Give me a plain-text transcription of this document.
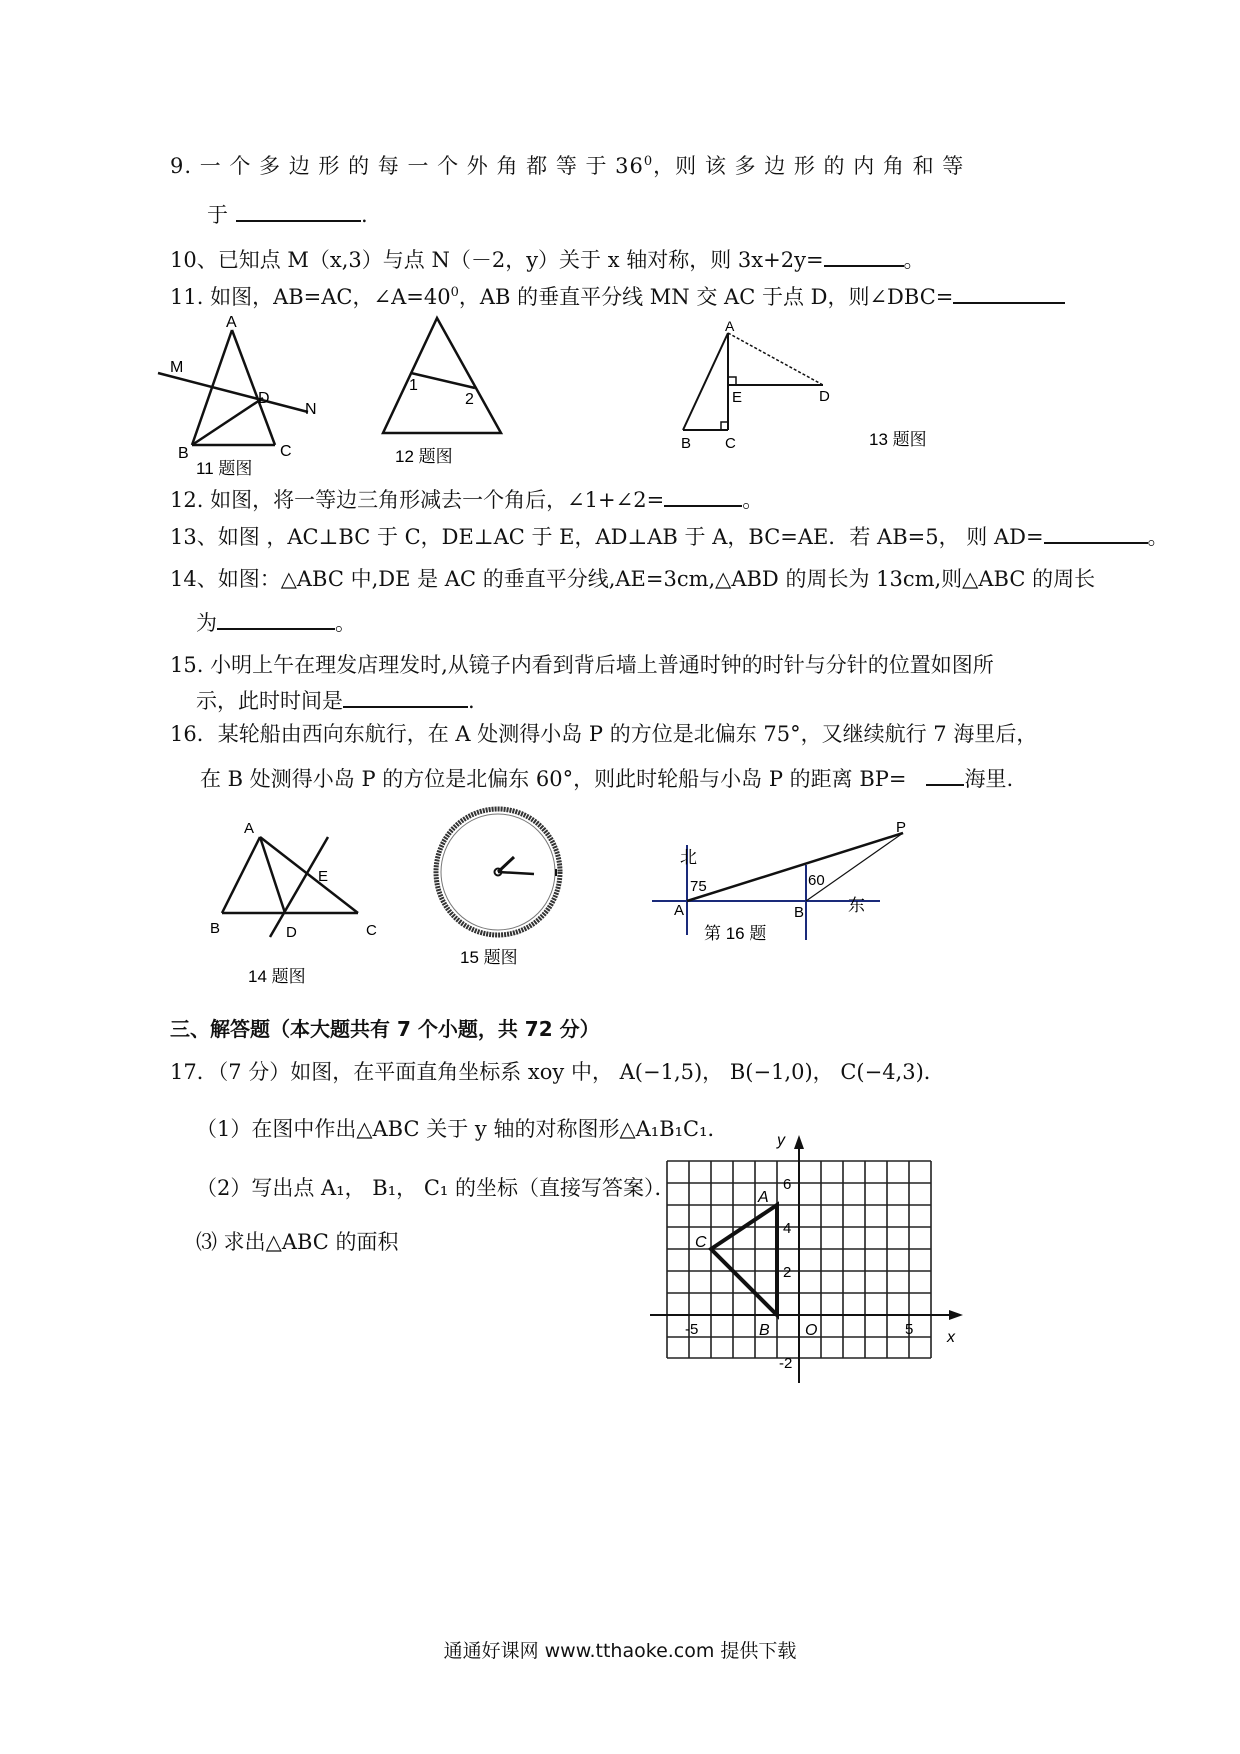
9. 一 个 多 边 形 的 每 一 个 外 角 都 等 于 $36^0$，则 该 多 边 形 的 内 角 和 等
于	.
10、已知点 M（x,3）与点 N（－2，y）关于 x 轴对称，则 3x+2y=	。
11. 如图，AB=AC，$\angle A=40^0$，AB 的垂直平分线 MN 交 AC 于点 D，则∠DBC=
A
B	C
D
M
N
11 题图
1
2
12 题图
A
B C
D
E
13 题图
12. 如图，将一等边三角形减去一个角后，∠1+∠2=	。
13、如图 ，AC⊥BC 于 C，DE⊥AC 于 E，AD⊥AB 于 A，BC=AE．若 AB=5， 则 AD=	。
14、如图：△ABC 中,DE 是 AC 的垂直平分线,AE=3cm,△ABD 的周长为 13cm,则△ABC 的周长
为	。
15. 小明上午在理发店理发时,从镜子内看到背后墙上普通时钟的时针与分针的位置如图所
示，此时时间是	.
16．某轮船由西向东航行，在 A 处测得小岛 P 的方位是北偏东 75°，又继续航行 7 海里后，
在 B 处测得小岛 P 的方位是北偏东 60°，则此时轮船与小岛 P 的距离 BP=	海里.
A
B	C
D
E
14 题图
15 题图
北
75	60
A	B
P
东
第 16 题
三、解答题（本大题共有 7 个小题，共 72 分）
17．（7 分）如图，在平面直角坐标系 xoy 中， A(−1,5)， B(−1,0)， C(−4,3)．
（1）在图中作出△ABC 关于 y 轴的对称图形△A₁B₁C₁．
（2）写出点 A₁， B₁， C₁ 的坐标（直接写答案）．
⑶ 求出△ABC 的面积
y
x
O
A
B
C
6
4
2
-2
-5	5
通通好课网 www.tthaoke.com 提供下载
